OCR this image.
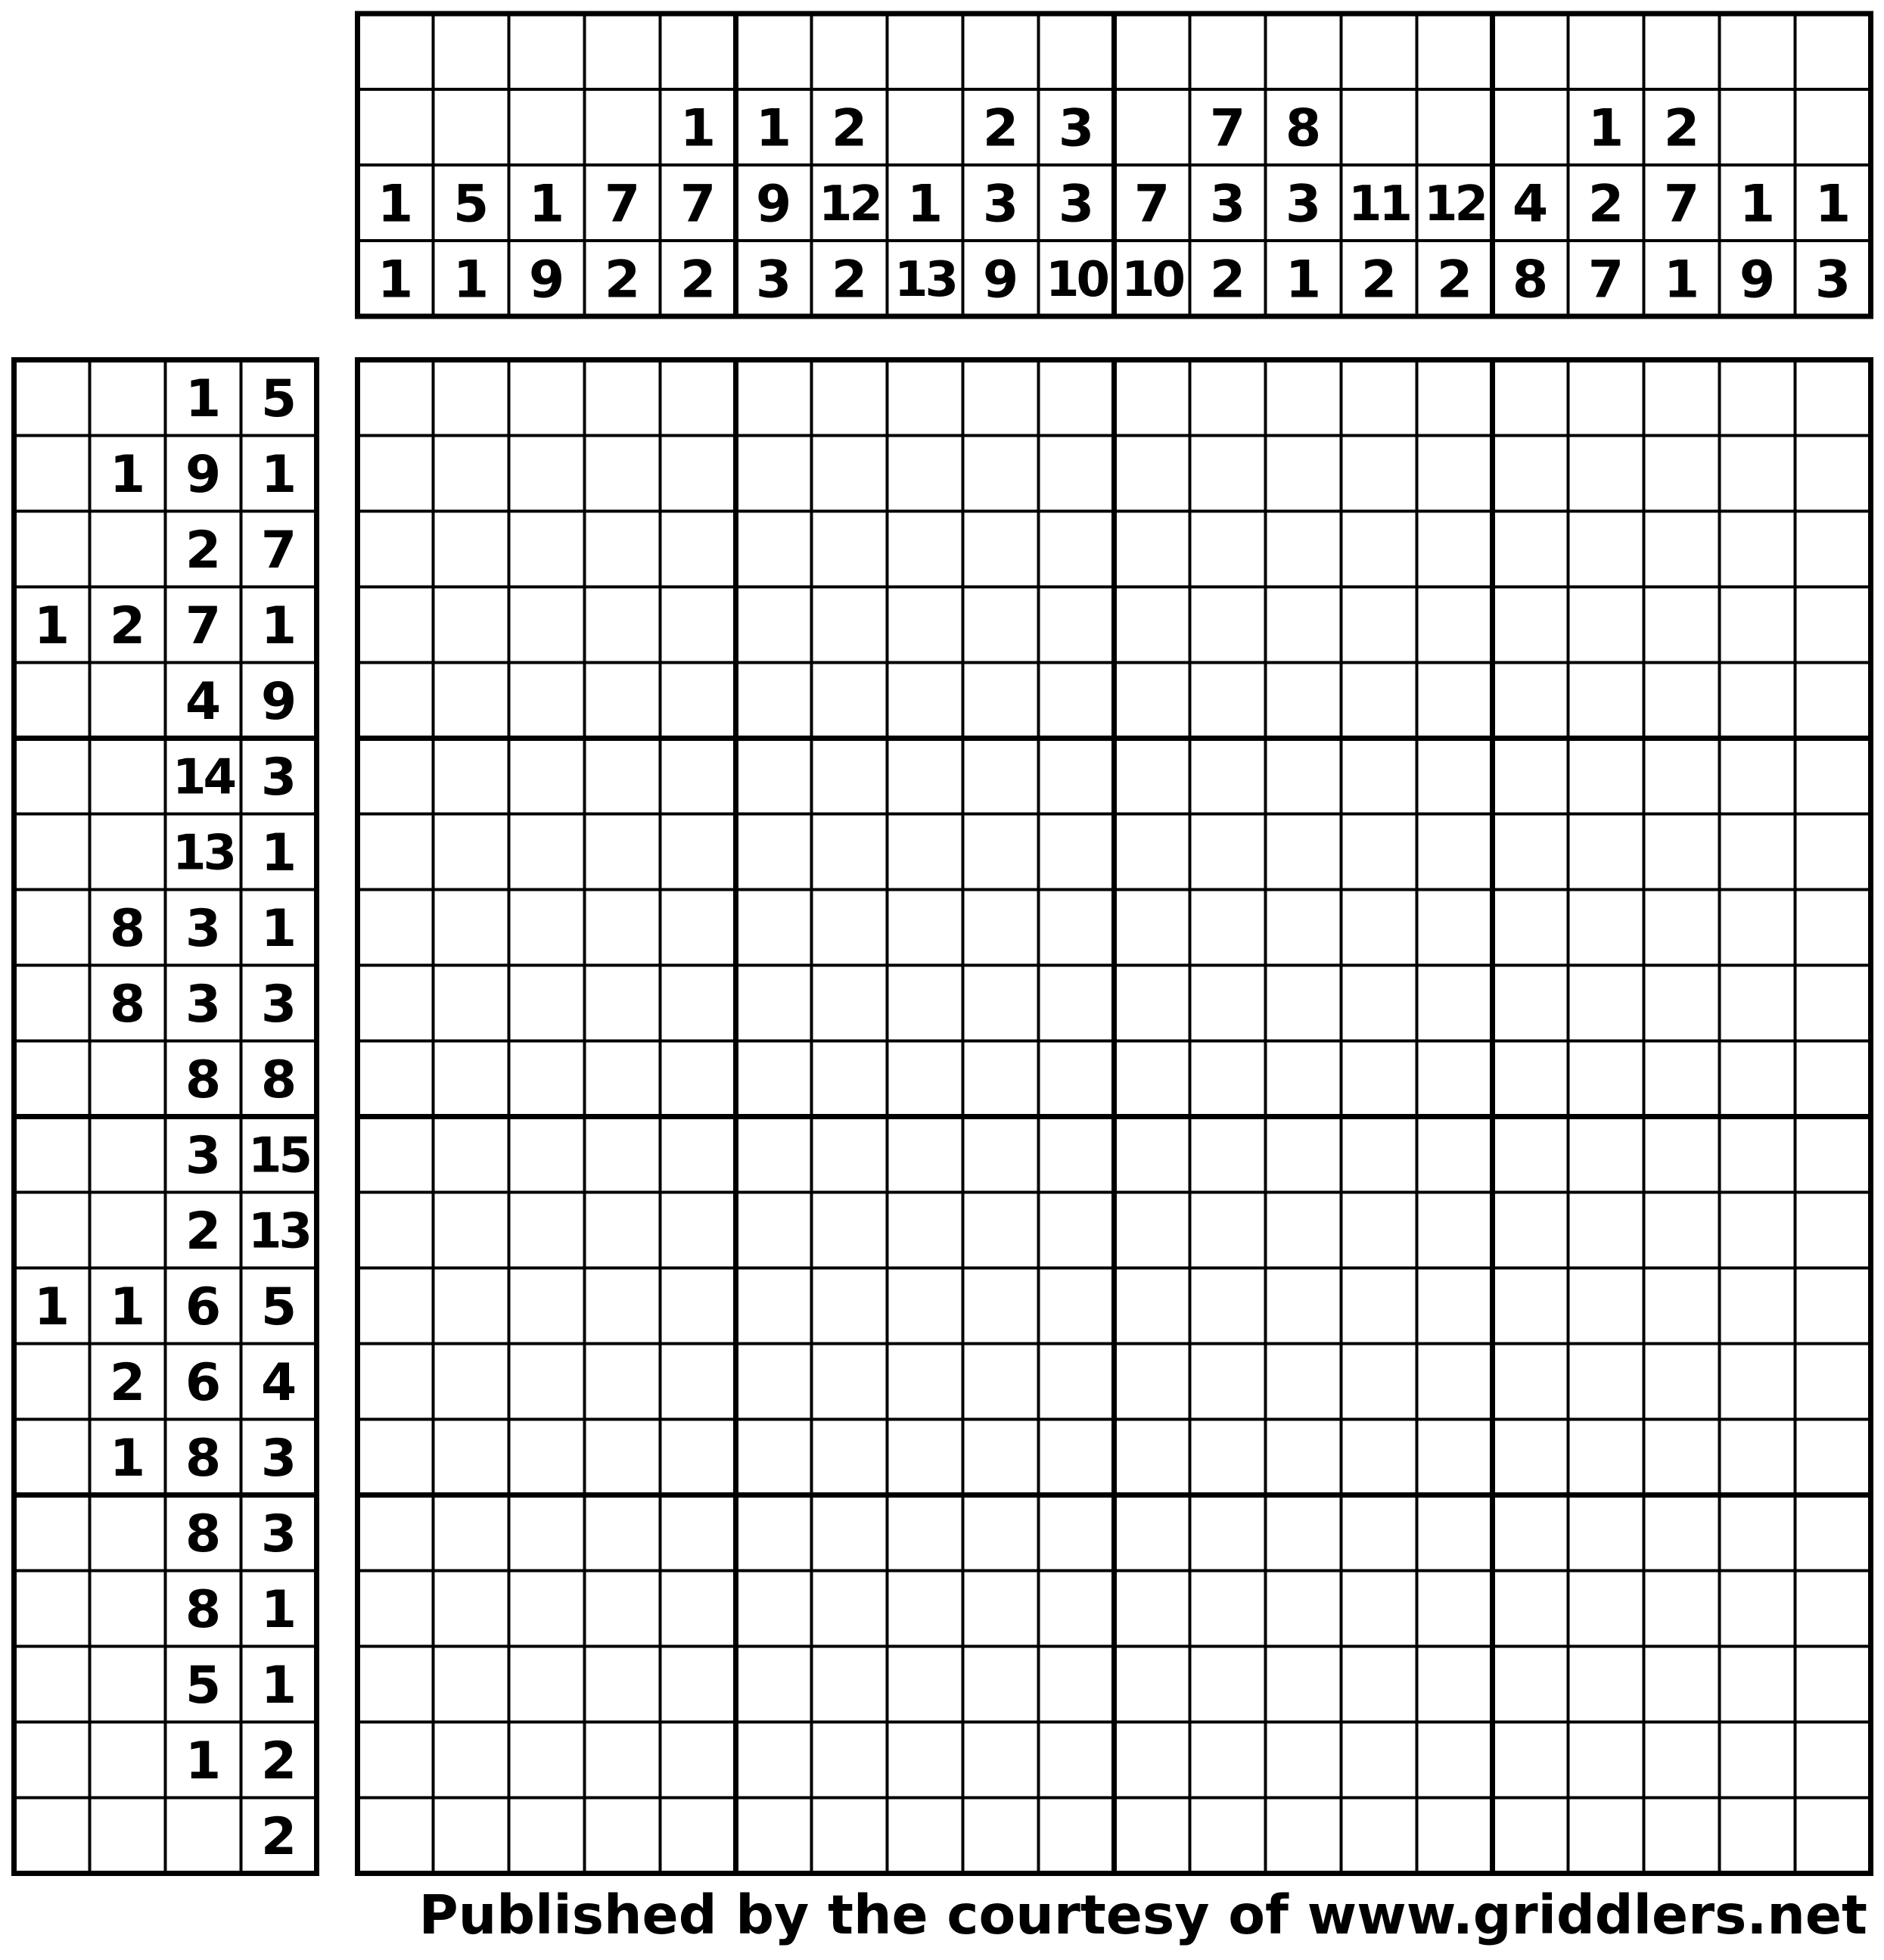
1
1
5
1
1
9
7
2
1
7
2
1
9
3
2
12
2
1
13
2
3
9
3
3
10
7
10
7
3
2
8
3
1
11
2
12
2
4
8
1
2
7
2
7
1
1
9
1
3
1 5
1 9 1
2 7
1 2 7 1
4 9
14 3
13 1
8 3 1
8 3 3
8 8
3 15
2 13
1 1 6 5
2 6 4
1 8 3
8 3
8 1
5 1
1 2
2
Published by the courtesy of www.griddlers.net
